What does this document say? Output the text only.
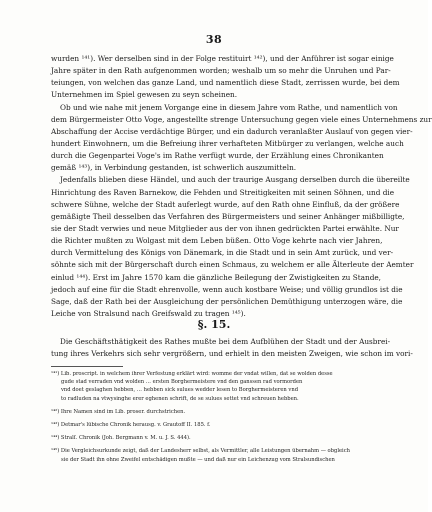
38
wurden ¹⁴¹). Wer derselben sind in der Folge restituirt ¹⁴²), und der Anführer ist sogar einige
Jahre später in den Rath aufgenommen worden; weshalb um so mehr die Unruhen und Par-
teiungen, von welchen das ganze Land, und namentlich diese Stadt, zerrissen wurde, bei dem
Unternehmen im Spiel gewesen zu seyn scheinen.
Ob und wie nahe mit jenem Vorgange eine in diesem Jahre vom Rathe, und namentlich von
dem Bürgermeister Otto Voge, angestellte strenge Untersuchung gegen viele eines Unternehmens zur
Abschaffung der Accise verdächtige Bürger, und ein dadurch veranlaßter Auslauf von gegen vier-
hundert Einwohnern, um die Befreiung ihrer verhafteten Mitbürger zu verlangen, welche auch
durch die Gegenpartei Voge's im Rathe verfügt wurde, der Erzählung eines Chronikanten
gemäß ¹⁴³), in Verbindung gestanden, ist schwerlich auszumitteln.
Jedenfalls blieben diese Händel, und auch der traurige Ausgang derselben durch die übereilte
Hinrichtung des Raven Barnekow, die Fehden und Streitigkeiten mit seinen Söhnen, und die
schwere Sühne, welche der Stadt auferlegt wurde, auf den Rath ohne Einfluß, da der größere
gemäßigte Theil desselben das Verfahren des Bürgermeisters und seiner Anhänger mißbilligte,
sie der Stadt verwies und neue Mitglieder aus der von ihnen gedrückten Partei erwählte. Nur
die Richter mußten zu Wolgast mit dem Leben büßen. Otto Voge kehrte nach vier Jahren,
durch Vermittelung des Königs von Dänemark, in die Stadt und in sein Amt zurück, und ver-
söhnte sich mit der Bürgerschaft durch einen Schmaus, zu welchem er alle Älterleute der Aemter
einlud ¹⁴⁴). Erst im Jahre 1570 kam die gänzliche Beilegung der Zwistigkeiten zu Stande,
jedoch auf eine für die Stadt ehrenvolle, wenn auch kostbare Weise; und völlig grundlos ist die
Sage, daß der Rath bei der Ausgleichung der persönlichen Demüthigung unterzogen wäre, die
Leiche von Stralsund nach Greifswald zu tragen ¹⁴⁵).
§. 15.
Die Geschäftsthätigkeit des Rathes mußte bei dem Aufblühen der Stadt und der Ausbrei-
tung ihres Verkehrs sich sehr vergrößern, und erhielt in den meisten Zweigen, wie schon im vori-
¹⁴¹) Lib. proscript. in welchem ihrer Verfestung erklärt wird: womme der vndat willen, dat se wolden desse
gude stad verraden vnd wolden … ersten Borghermeistere vnd den ganssen rad vormorden
vnd doet geslaghen hebben, … hebben sick sulues wedder lesen to Borghermeisteren vnd
to radluden na vtwysinghe erer eghenen schrift, de se sulues settet vnd schreuen hebben.
¹⁴²) Ihre Namen sind im Lib. proser. durchstrichen.
¹⁴³) Detmar's lübische Chronik herausg. v. Grautoff II. 185. f.
¹⁴⁴) Stralſ. Chronik (Joh. Bergmann v. M. u. J. S. 444).
¹⁴⁵) Die Vergleichsurkunde zeigt, daß der Landesherr selbst, als Vermittler, alle Leistungen übernahm — obgleich
sie der Stadt ihn ohne Zweifel entschädigen mußte — und daß nur ein Leichenzug vom Stralsundischen
